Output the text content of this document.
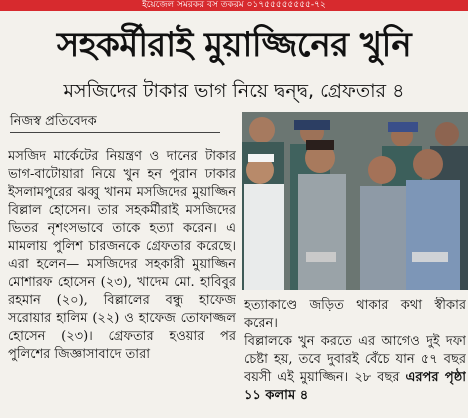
ইয়েজেল সমরকর বস তকরম ০১৭৫৫৫৫৫৫৫৫-৭২
সহকর্মীরাই মুয়াজ্জিনের খুনি
মসজিদের টাকার ভাগ নিয়ে দ্বন্দ্ব, গ্রেফতার ৪
নিজস্ব প্রতিবেদক

মসজিদ মার্কেটের নিয়ন্ত্রণ ও দানের টাকার ভাগ-বাটোয়ারা নিয়ে খুন হন পুরান ঢাকার ইসলামপুরের ঝব্বু খানম মসজিদের মুয়াজ্জিন বিল্লাল হোসেন। তার সহকর্মীরাই মসজিদের ভিতর নৃশংসভাবে তাকে হত্যা করেন। এ মামলায় পুলিশ চারজনকে গ্রেফতার করেছে। এরা হলেন— মসজিদের সহকারী মুয়াজ্জিন মোশারফ হোসেন (২৩), খাদেম মো. হাবিবুর রহমান (২০), বিল্লালের বন্ধু হাফেজ সরোয়ার হালিম (২২) ও হাফেজ তোফাজ্জল হোসেন (২৩)। গ্রেফতার হওয়ার পর পুলিশের জিজ্ঞাসাবাদে তারা

হত্যাকাণ্ডে জড়িত থাকার কথা স্বীকার করেন।

বিল্লালকে খুন করতে এর আগেও দুই দফা চেষ্টা হয়, তবে দুবারই বেঁচে যান ৫৭ বছর বয়সী এই মুয়াজ্জিন। ২৮ বছর এরপর পৃষ্ঠা ১১ কলাম ৪
